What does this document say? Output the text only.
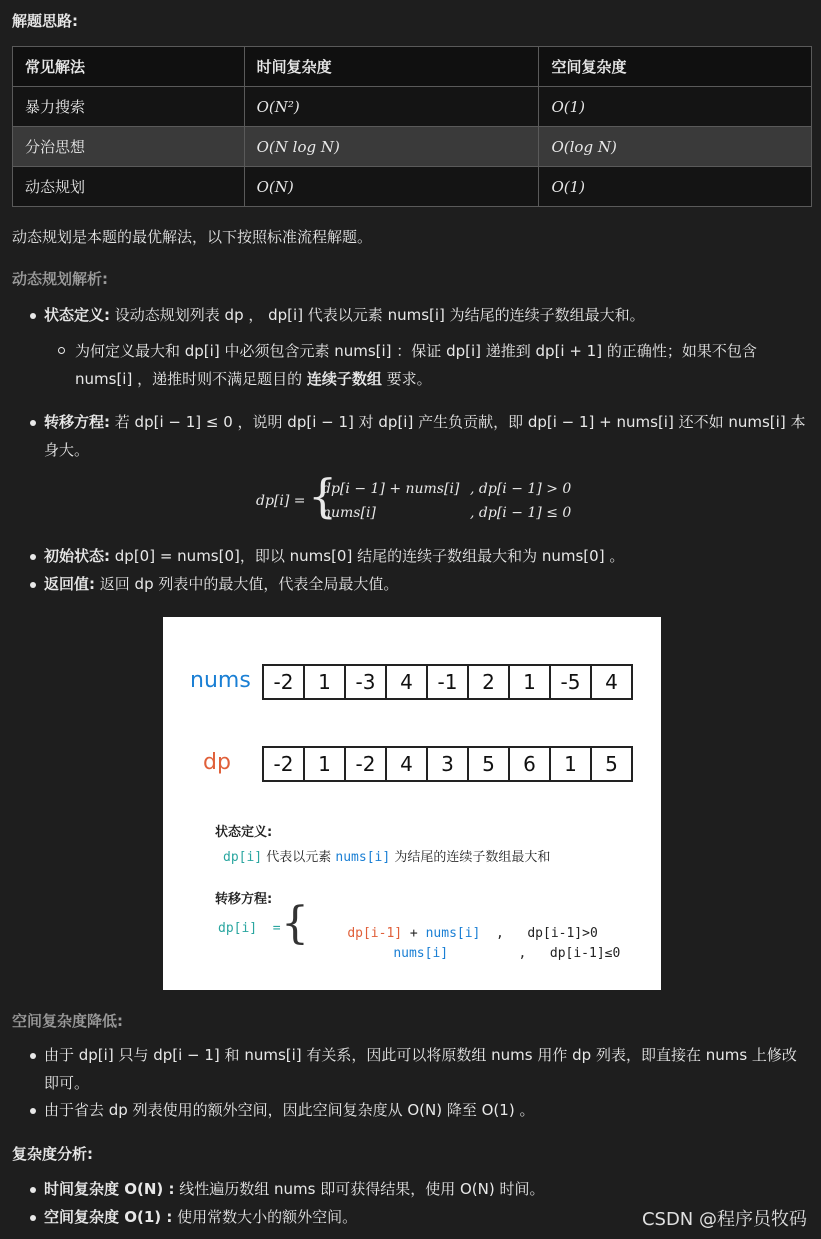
解题思路:
常见解法	时间复杂度	空间复杂度
暴力搜索	O(N²)	O(1)
分治思想	O(N log N)	O(log N)
动态规划	O(N)	O(1)
动态规划是本题的最优解法，以下按照标准流程解题。
动态规划解析:
状态定义: 设动态规划列表 dp ， dp[i] 代表以元素 nums[i] 为结尾的连续子数组最大和。
为何定义最大和 dp[i] 中必须包含元素 nums[i] ：保证 dp[i] 递推到 dp[i + 1] 的正确性；如果不包含
nums[i] ，递推时则不满足题目的 连续子数组 要求。
转移方程: 若 dp[i − 1] ≤ 0 ，说明 dp[i − 1] 对 dp[i] 产生负贡献，即 dp[i − 1] + nums[i] 还不如 nums[i] 本
身大。
dp[i] = {
dp[i − 1] + nums[i] , dp[i − 1] > 0
nums[i]	, dp[i − 1] ≤ 0
初始状态: dp[0] = nums[0]，即以 nums[0] 结尾的连续子数组最大和为 nums[0] 。
返回值: 返回 dp 列表中的最大值，代表全局最大值。
nums	-2	1	-3	4	-1	2	1	-5	4
dp	-2	1	-2	4	3	5	6	1	5
状态定义:
dp[i] 代表以元素 nums[i] 为结尾的连续子数组最大和
转移方程:
dp[i]  = {	dp[i-1] + nums[i]  ,   dp[i-1]>0

nums[i]	,   dp[i-1]≤0

空间复杂度降低:
由于 dp[i] 只与 dp[i − 1] 和 nums[i] 有关系，因此可以将原数组 nums 用作 dp 列表，即直接在 nums 上修改
即可。
由于省去 dp 列表使用的额外空间，因此空间复杂度从 O(N) 降至 O(1) 。
复杂度分析:
时间复杂度 O(N) : 线性遍历数组 nums 即可获得结果，使用 O(N) 时间。
空间复杂度 O(1) : 使用常数大小的额外空间。	CSDN @程序员牧码
